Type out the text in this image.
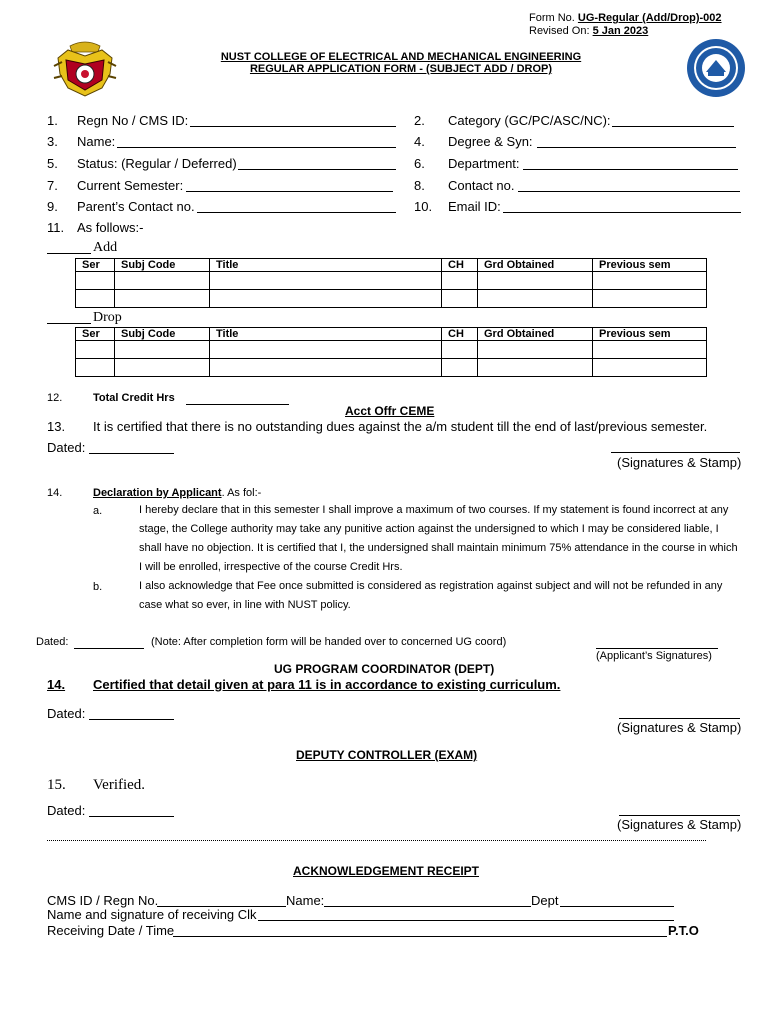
Form No. UG-Regular (Add/Drop)-002
Revised On: 5 Jan 2023
NUST COLLEGE OF ELECTRICAL AND MECHANICAL ENGINEERING
REGULAR APPLICATION FORM - (SUBJECT ADD / DROP)
1. Regn No / CMS ID:	2. Category (GC/PC/ASC/NC):
3. Name:	4. Degree & Syn:
5. Status: (Regular / Deferred)	6. Department:
7. Current Semester:	8. Contact no.
9. Parent’s Contact no.	10. Email ID:
11. As follows:-
Add
Ser	Subj Code	Title	CH	Grd Obtained	Previous sem

Drop
Ser	Subj Code	Title	CH	Grd Obtained	Previous sem

12.	Total Credit Hrs
Acct Offr CEME
13. It is certified that there is no outstanding dues against the a/m student till the end of last/previous semester.
Dated:
(Signatures & Stamp)
14.	Declaration by Applicant. As fol:-
a.	I hereby declare that in this semester I shall improve a maximum of two courses. If my statement is found incorrect at any stage, the College authority may take any punitive action against the undersigned to which I may be considered liable, I shall have no objection. It is certified that I, the undersigned shall maintain minimum 75% attendance in the course in which I will be enrolled, irrespective of the course Credit Hrs.
b.	I also acknowledge that Fee once submitted is considered as registration against subject and will not be refunded in any case what so ever, in line with NUST policy.
Dated:	(Note: After completion form will be handed over to concerned UG coord)
(Applicant’s Signatures)
UG PROGRAM COORDINATOR (DEPT)
14. Certified that detail given at para 11 is in accordance to existing curriculum.
Dated:
(Signatures & Stamp)
DEPUTY CONTROLLER (EXAM)
15. Verified.
Dated:
(Signatures & Stamp)
ACKNOWLEDGEMENT RECEIPT
CMS ID / Regn No.	Name:	Dept
Name and signature of receiving Clk
Receiving Date / Time	P.T.O
